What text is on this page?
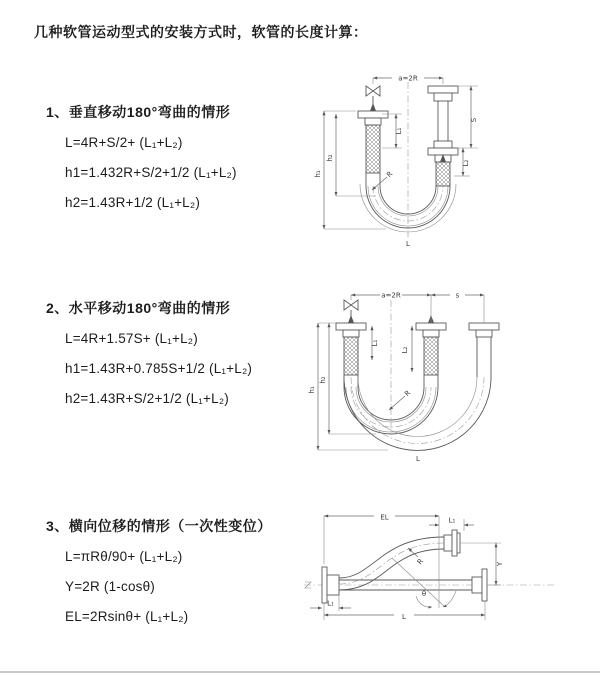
几种软管运动型式的安装方式时，软管的长度计算：
1、垂直移动180°弯曲的情形
L=4R+S/2+ (L₁+L₂)
h1=1.432R+S/2+1/2 (L₁+L₂)
h2=1.43R+1/2 (L₁+L₂)
2、水平移动180°弯曲的情形
L=4R+1.57S+ (L₁+L₂)
h1=1.43R+0.785S+1/2 (L₁+L₂)
h2=1.43R+S/2+1/2 (L₁+L₂)
3、横向位移的情形（一次性变位）
L=πRθ/90+ (L₁+L₂)
Y=2R (1-cosθ)
EL=2Rsinθ+ (L₁+L₂)
a=2R
S
L₂
h₁
h₂
L₁
R
L
a=2R	s
h₁
h₂
L₁
L₂
R
L
θ
R
EL	L₁
Y
L
L₁
